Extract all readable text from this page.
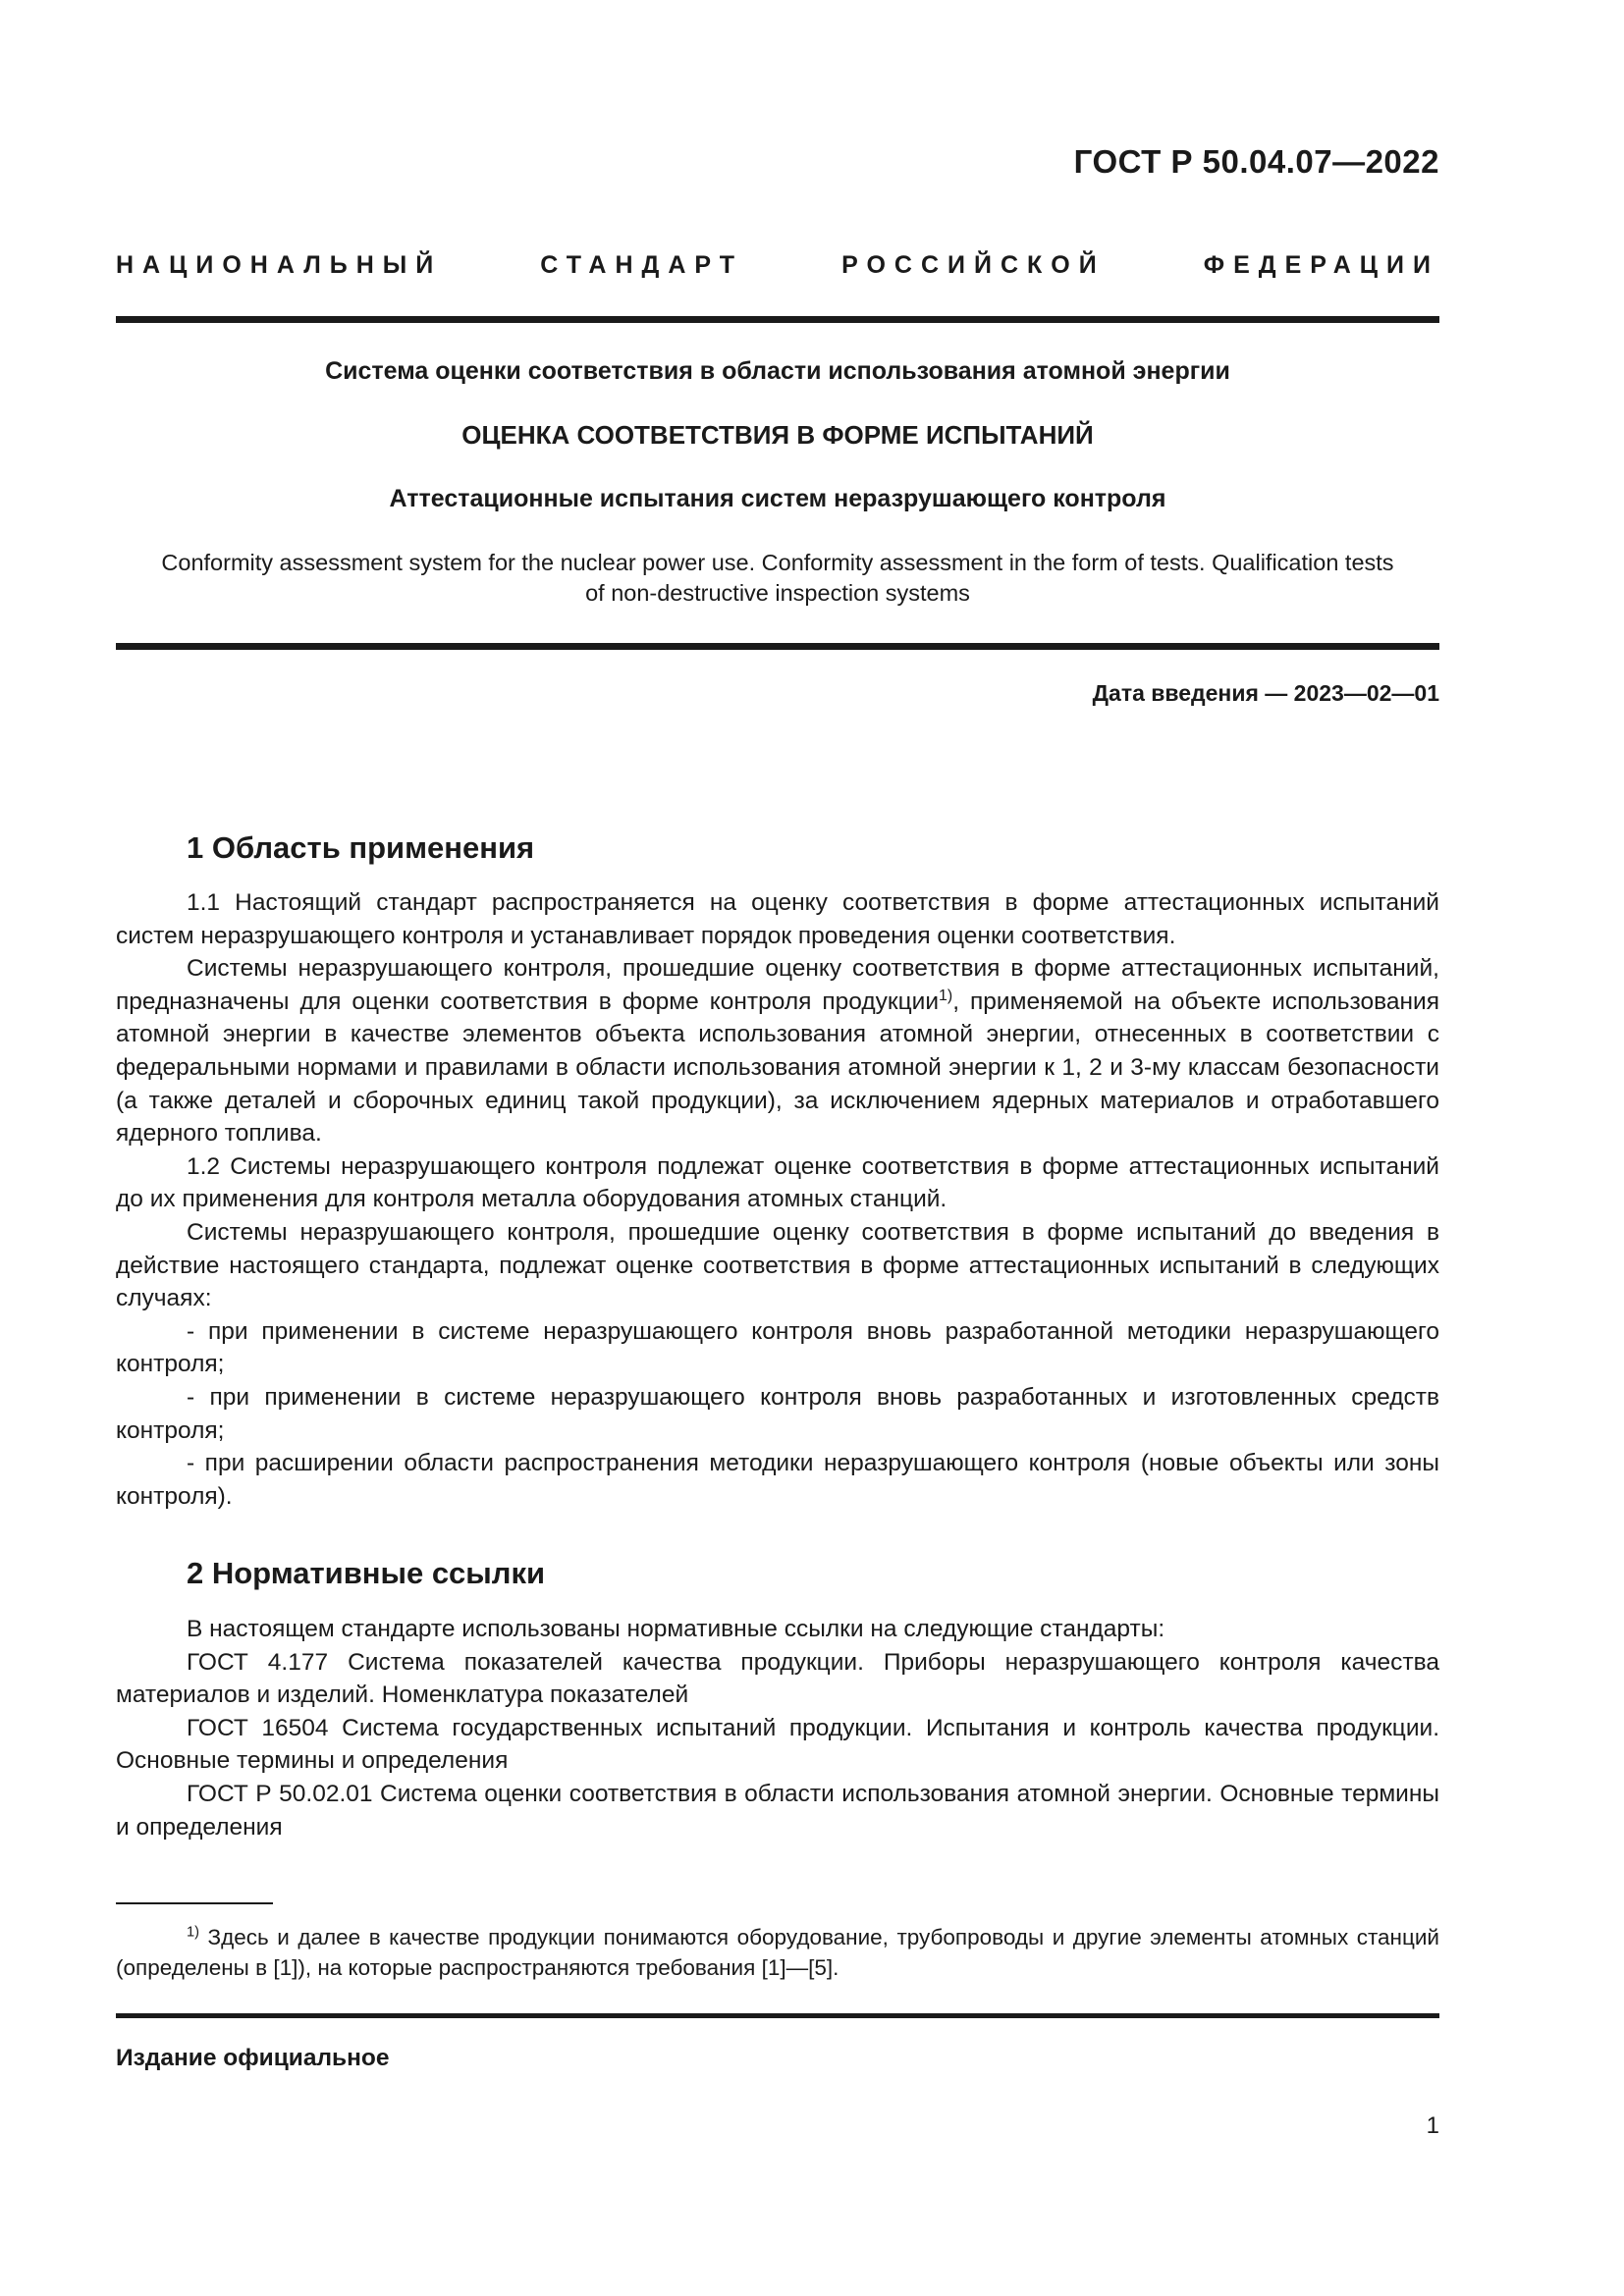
ГОСТ Р 50.04.07—2022
НАЦИОНАЛЬНЫЙ СТАНДАРТ РОССИЙСКОЙ ФЕДЕРАЦИИ
Система оценки соответствия в области использования атомной энергии
ОЦЕНКА СООТВЕТСТВИЯ В ФОРМЕ ИСПЫТАНИЙ
Аттестационные испытания систем неразрушающего контроля
Conformity assessment system for the nuclear power use. Conformity assessment in the form of tests. Qualification tests
of non-destructive inspection systems
Дата введения — 2023—02—01
1 Область применения

1.1 Настоящий стандарт распространяется на оценку соответствия в форме аттестационных испытаний систем неразрушающего контроля и устанавливает порядок проведения оценки соответствия.

Системы неразрушающего контроля, прошедшие оценку соответствия в форме аттестационных испытаний, предназначены для оценки соответствия в форме контроля продукции$^{1)}$, применяемой на объекте использования атомной энергии в качестве элементов объекта использования атомной энергии, отнесенных в соответствии с федеральными нормами и правилами в области использования атомной энергии к 1, 2 и 3-му классам безопасности (а также деталей и сборочных единиц такой продукции), за исключением ядерных материалов и отработавшего ядерного топлива.

1.2 Системы неразрушающего контроля подлежат оценке соответствия в форме аттестационных испытаний до их применения для контроля металла оборудования атомных станций.

Системы неразрушающего контроля, прошедшие оценку соответствия в форме испытаний до введения в действие настоящего стандарта, подлежат оценке соответствия в форме аттестационных испытаний в следующих случаях:

- при применении в системе неразрушающего контроля вновь разработанной методики неразрушающего контроля;

- при применении в системе неразрушающего контроля вновь разработанных и изготовленных средств контроля;

- при расширении области распространения методики неразрушающего контроля (новые объекты или зоны контроля).

2 Нормативные ссылки

В настоящем стандарте использованы нормативные ссылки на следующие стандарты:

ГОСТ 4.177 Система показателей качества продукции. Приборы неразрушающего контроля качества материалов и изделий. Номенклатура показателей

ГОСТ 16504 Система государственных испытаний продукции. Испытания и контроль качества продукции. Основные термины и определения

ГОСТ Р 50.02.01 Система оценки соответствия в области использования атомной энергии. Основные термины и определения

$^{1)}$ Здесь и далее в качестве продукции понимаются оборудование, трубопроводы и другие элементы атомных станций (определены в [1]), на которые распространяются требования [1]—[5].

Издание официальное
1
